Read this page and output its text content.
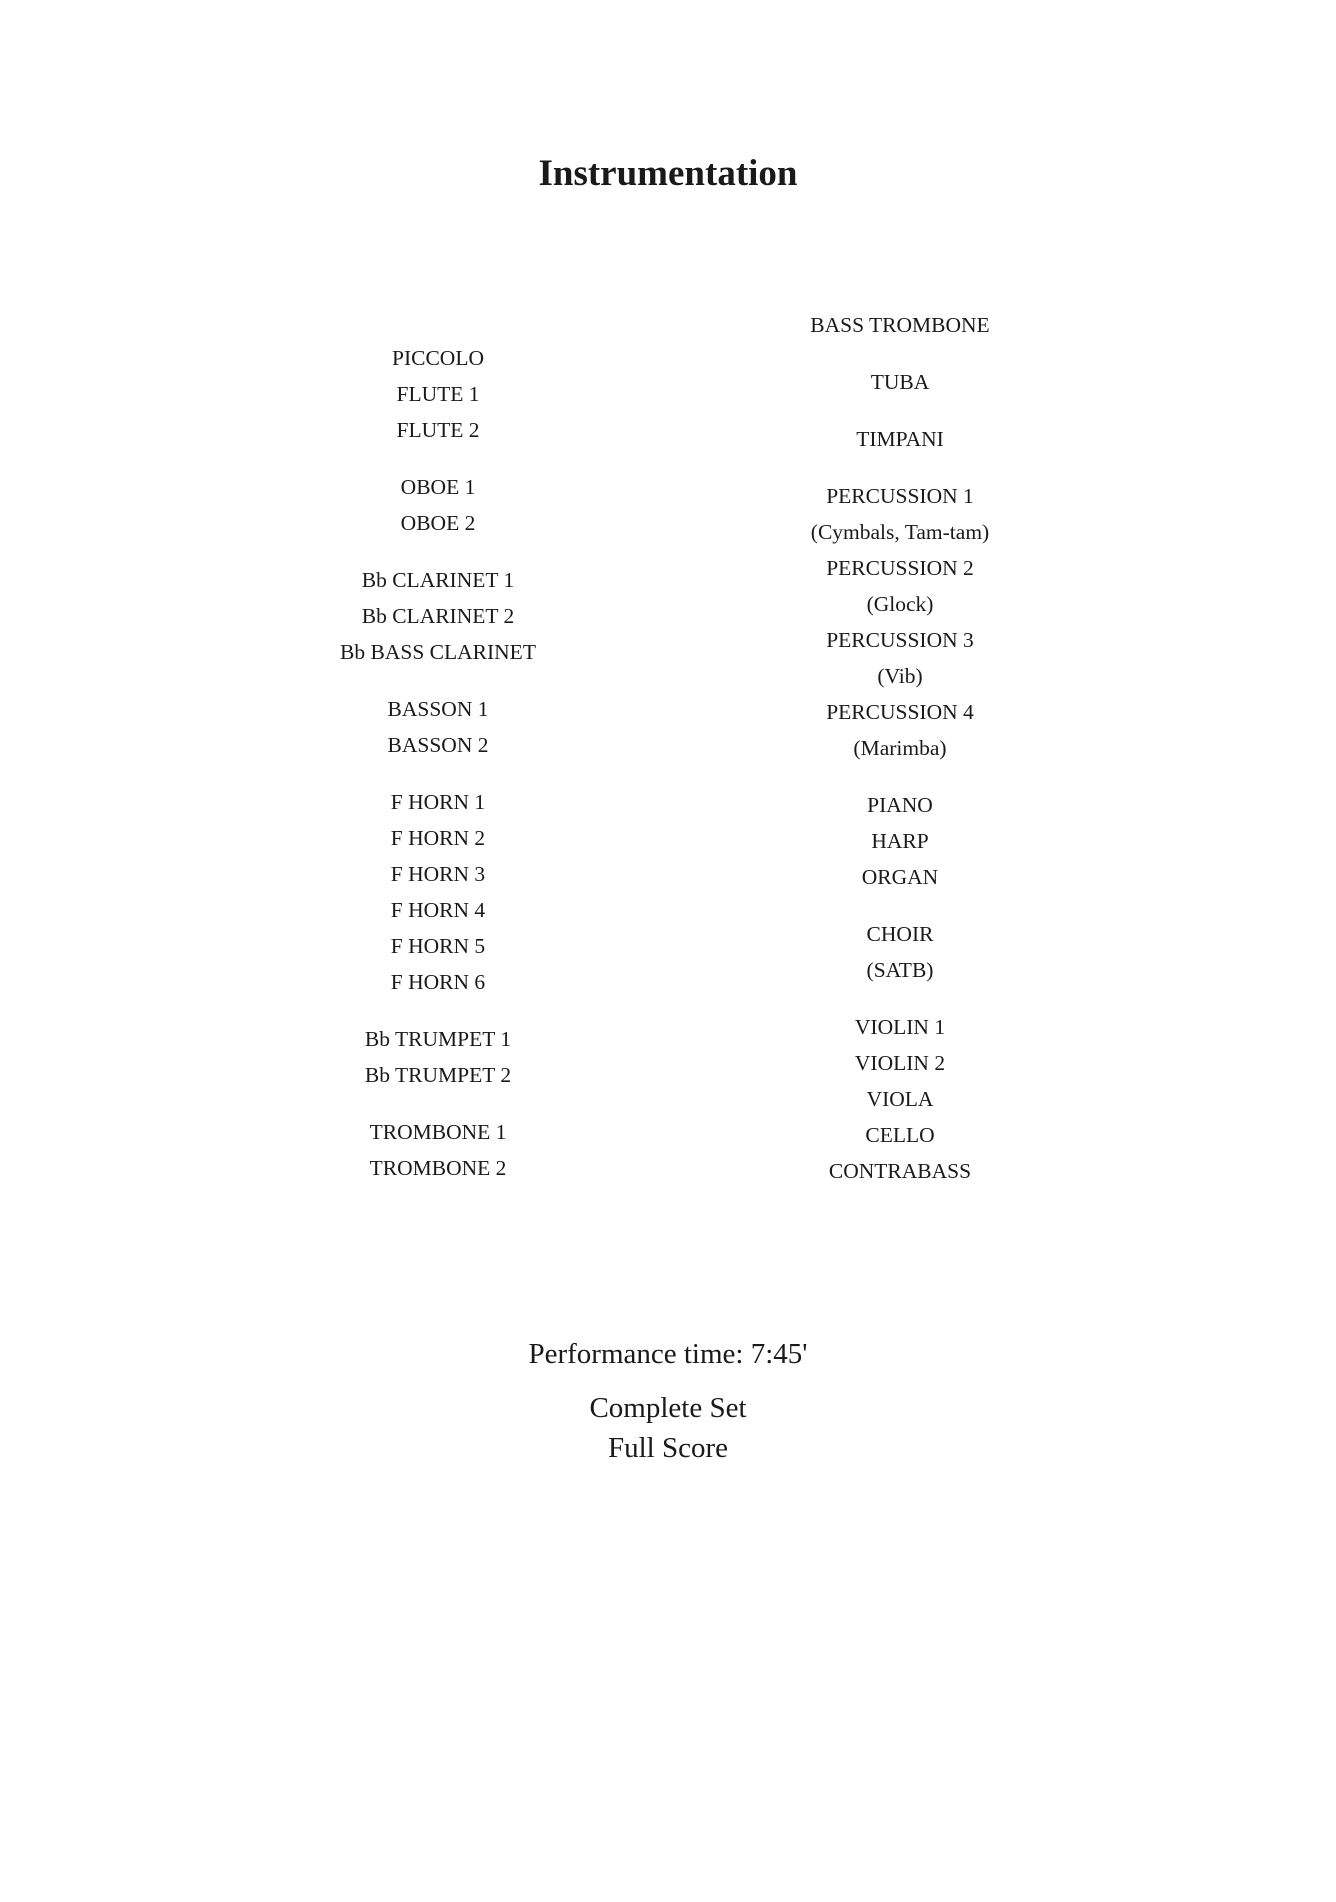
Instrumentation
PICCOLO
FLUTE 1
FLUTE 2
OBOE 1
OBOE 2
Bb CLARINET 1
Bb CLARINET 2
Bb BASS CLARINET
BASSON 1
BASSON 2
F HORN 1
F HORN 2
F HORN 3
F HORN 4
F HORN 5
F HORN 6
Bb TRUMPET 1
Bb TRUMPET 2
TROMBONE 1
TROMBONE 2
BASS TROMBONE
TUBA
TIMPANI
PERCUSSION 1
(Cymbals, Tam-tam)
PERCUSSION 2
(Glock)
PERCUSSION 3
(Vib)
PERCUSSION 4
(Marimba)
PIANO
HARP
ORGAN
CHOIR
(SATB)
VIOLIN 1
VIOLIN 2
VIOLA
CELLO
CONTRABASS
Performance time: 7:45'
Complete Set
Full Score
